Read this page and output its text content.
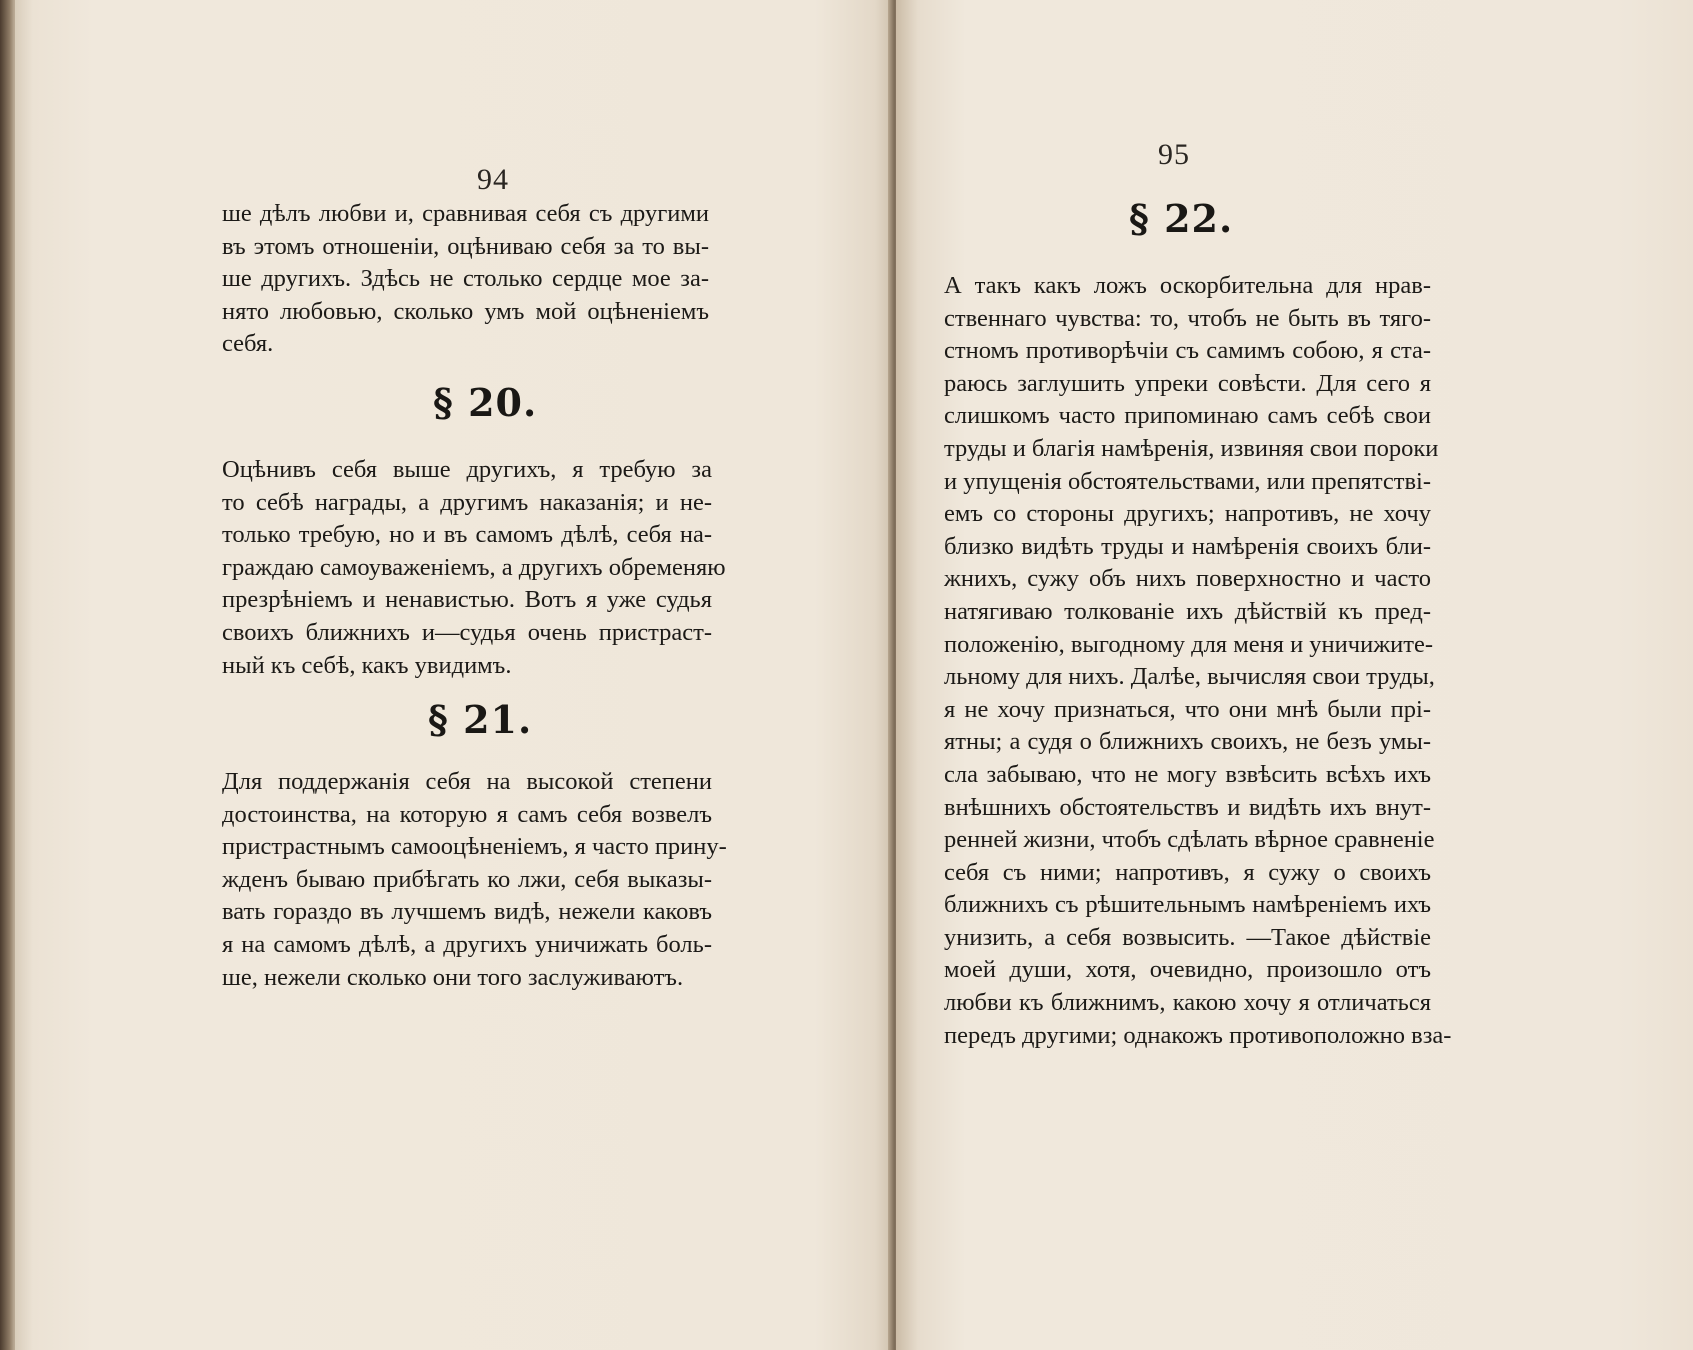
94
ше дѣлъ любви и, сравнивая себя съ другими
въ этомъ отношеніи, оцѣниваю себя за то вы-
ше другихъ. Здѣсь не столько сердце мое за-
нято любовью, сколько умъ мой оцѣненіемъ
себя.
§ 20.
Оцѣнивъ себя выше другихъ, я требую за
то себѣ награды, а другимъ наказанія; и не-
только требую, но и въ самомъ дѣлѣ, себя на-
граждаю самоуваженіемъ, а другихъ обременяю
презрѣніемъ и ненавистью. Вотъ я уже судья
своихъ ближнихъ и—судья очень пристраст-
ный къ себѣ, какъ увидимъ.
§ 21.
Для поддержанія себя на высокой степени
достоинства, на которую я самъ себя возвелъ
пристрастнымъ самооцѣненіемъ, я часто прину-
жденъ бываю прибѣгать ко лжи, себя выказы-
вать гораздо въ лучшемъ видѣ, нежели каковъ
я на самомъ дѣлѣ, а другихъ уничижать боль-
ше, нежели сколько они того заслуживаютъ.
95
§ 22.
А такъ какъ ложъ оскорбительна для нрав-
ственнаго чувства: то, чтобъ не быть въ тяго-
стномъ противорѣчіи съ самимъ собою, я ста-
раюсь заглушить упреки совѣсти. Для сего я
слишкомъ часто припоминаю самъ себѣ свои
труды и благія намѣренія, извиняя свои пороки
и упущенія обстоятельствами, или препятстві-
емъ со стороны другихъ; напротивъ, не хочу
близко видѣть труды и намѣренія своихъ бли-
жнихъ, сужу объ нихъ поверхностно и часто
натягиваю толкованіе ихъ дѣйствій къ пред-
положенію, выгодному для меня и уничижите-
льному для нихъ. Далѣе, вычисляя свои труды,
я не хочу признаться, что они мнѣ были прі-
ятны; а судя о ближнихъ своихъ, не безъ умы-
сла забываю, что не могу взвѣсить всѣхъ ихъ
внѣшнихъ обстоятельствъ и видѣть ихъ внут-
ренней жизни, чтобъ сдѣлать вѣрное сравненіе
себя съ ними; напротивъ, я сужу о своихъ
ближнихъ съ рѣшительнымъ намѣреніемъ ихъ
унизить, а себя возвысить. —Такое дѣйствіе
моей души, хотя, очевидно, произошло отъ
любви къ ближнимъ, какою хочу я отличаться
передъ другими; однакожъ противоположно вза-
